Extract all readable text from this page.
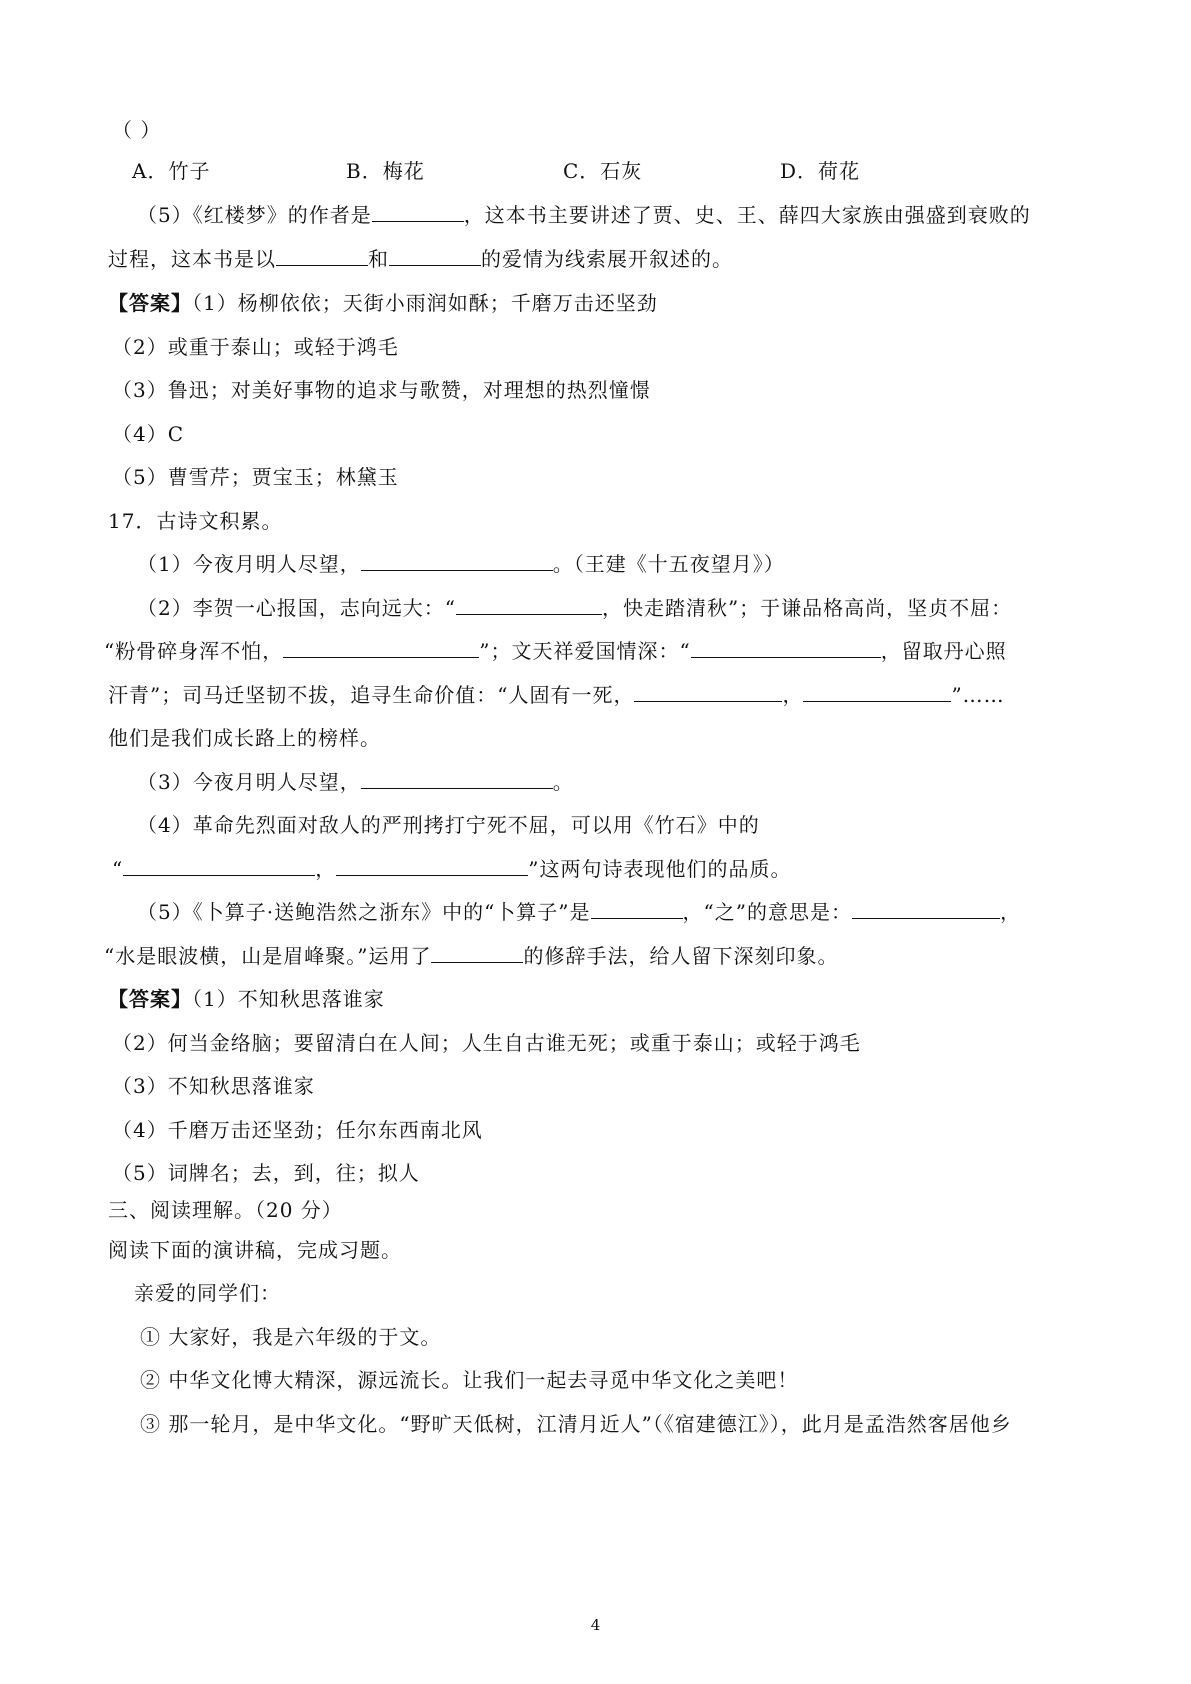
（ ）
A．竹子	B．梅花	C．石灰	D．荷花
（5）《红楼梦》的作者是	，这本书主要讲述了贾、史、王、薛四大家族由强盛到衰败的
过程，这本书是以	和	的爱情为线索展开叙述的。
【答案】（1）杨柳依依；天街小雨润如酥；千磨万击还坚劲
（2）或重于泰山；或轻于鸿毛
（3）鲁迅；对美好事物的追求与歌赞，对理想的热烈憧憬
（4）C
（5）曹雪芹；贾宝玉；林黛玉
17．古诗文积累。
（1）今夜月明人尽望，	。（王建《十五夜望月》）
（2）李贺一心报国，志向远大：“	，快走踏清秋”；于谦品格高尚，坚贞不屈：
“粉骨碎身浑不怕，	”；文天祥爱国情深：“	，留取丹心照
汗青”；司马迁坚韧不拔，追寻生命价值：“人固有一死，	，	”……
他们是我们成长路上的榜样。
（3）今夜月明人尽望，	。
（4）革命先烈面对敌人的严刑拷打宁死不屈，可以用《竹石》中的
“	，	”这两句诗表现他们的品质。
（5）《卜算子·送鲍浩然之浙东》中的“卜算子”是	，“之”的意思是：	，
“水是眼波横，山是眉峰聚。”运用了	的修辞手法，给人留下深刻印象。
【答案】（1）不知秋思落谁家
（2）何当金络脑；要留清白在人间；人生自古谁无死；或重于泰山；或轻于鸿毛
（3）不知秋思落谁家
（4）千磨万击还坚劲；任尔东西南北风
（5）词牌名；去，到，往；拟人
三、阅读理解。（20 分）
阅读下面的演讲稿，完成习题。
亲爱的同学们：
① 大家好，我是六年级的于文。
② 中华文化博大精深，源远流长。让我们一起去寻觅中华文化之美吧！
③ 那一轮月，是中华文化。“野旷天低树，江清月近人”（《宿建德江》），此月是孟浩然客居他乡
4
